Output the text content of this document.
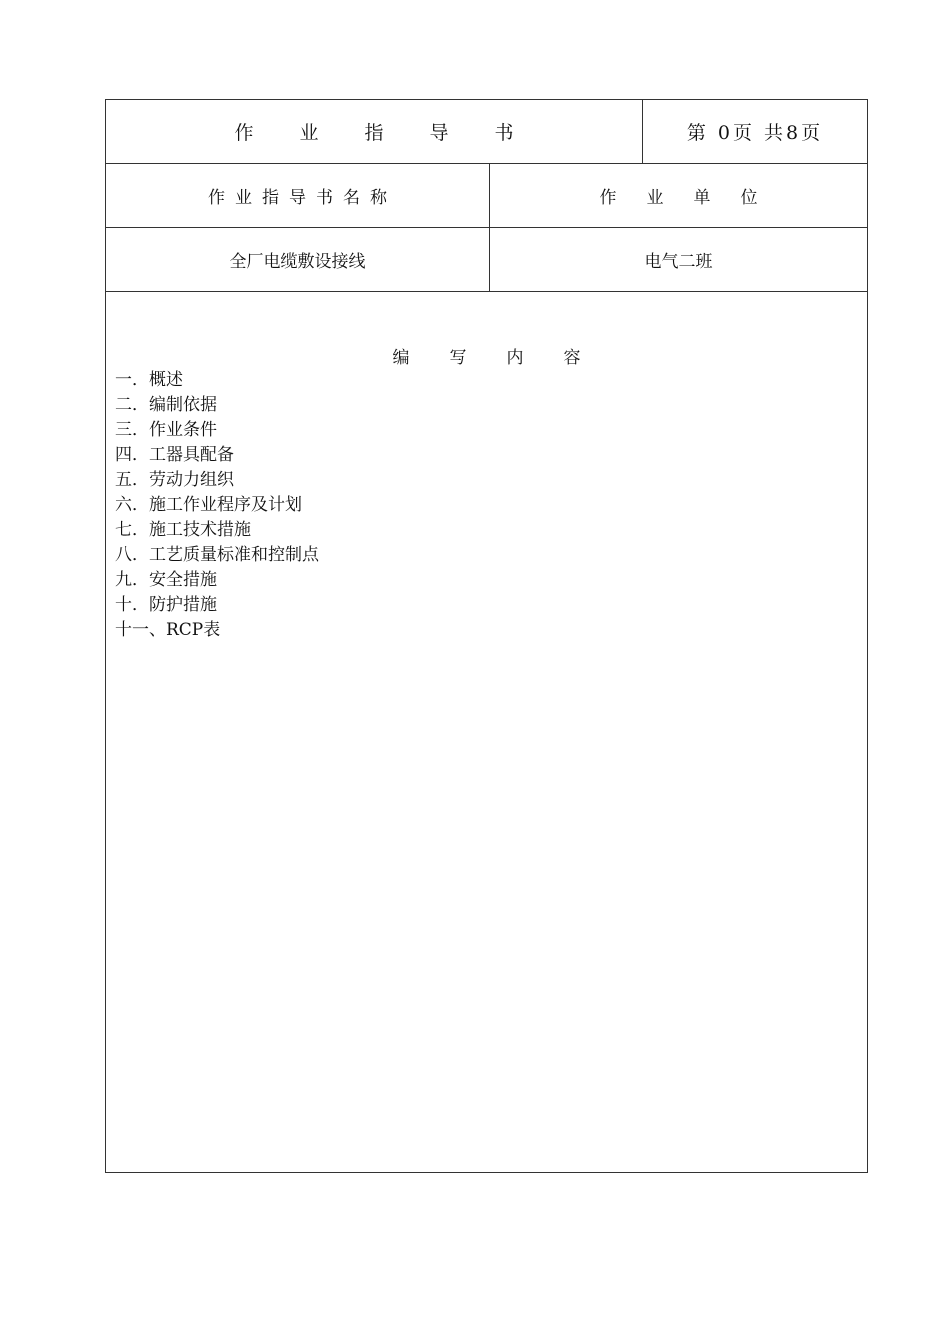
作业指导书	第 0页 共8页
作业指导书名称	作业单位
全厂电缆敷设接线	电气二班
编写内容
一．概述
二．编制依据
三．作业条件
四．工器具配备
五．劳动力组织
六．施工作业程序及计划
七．施工技术措施
八．工艺质量标准和控制点
九．安全措施
十．防护措施
十一、RCP表
